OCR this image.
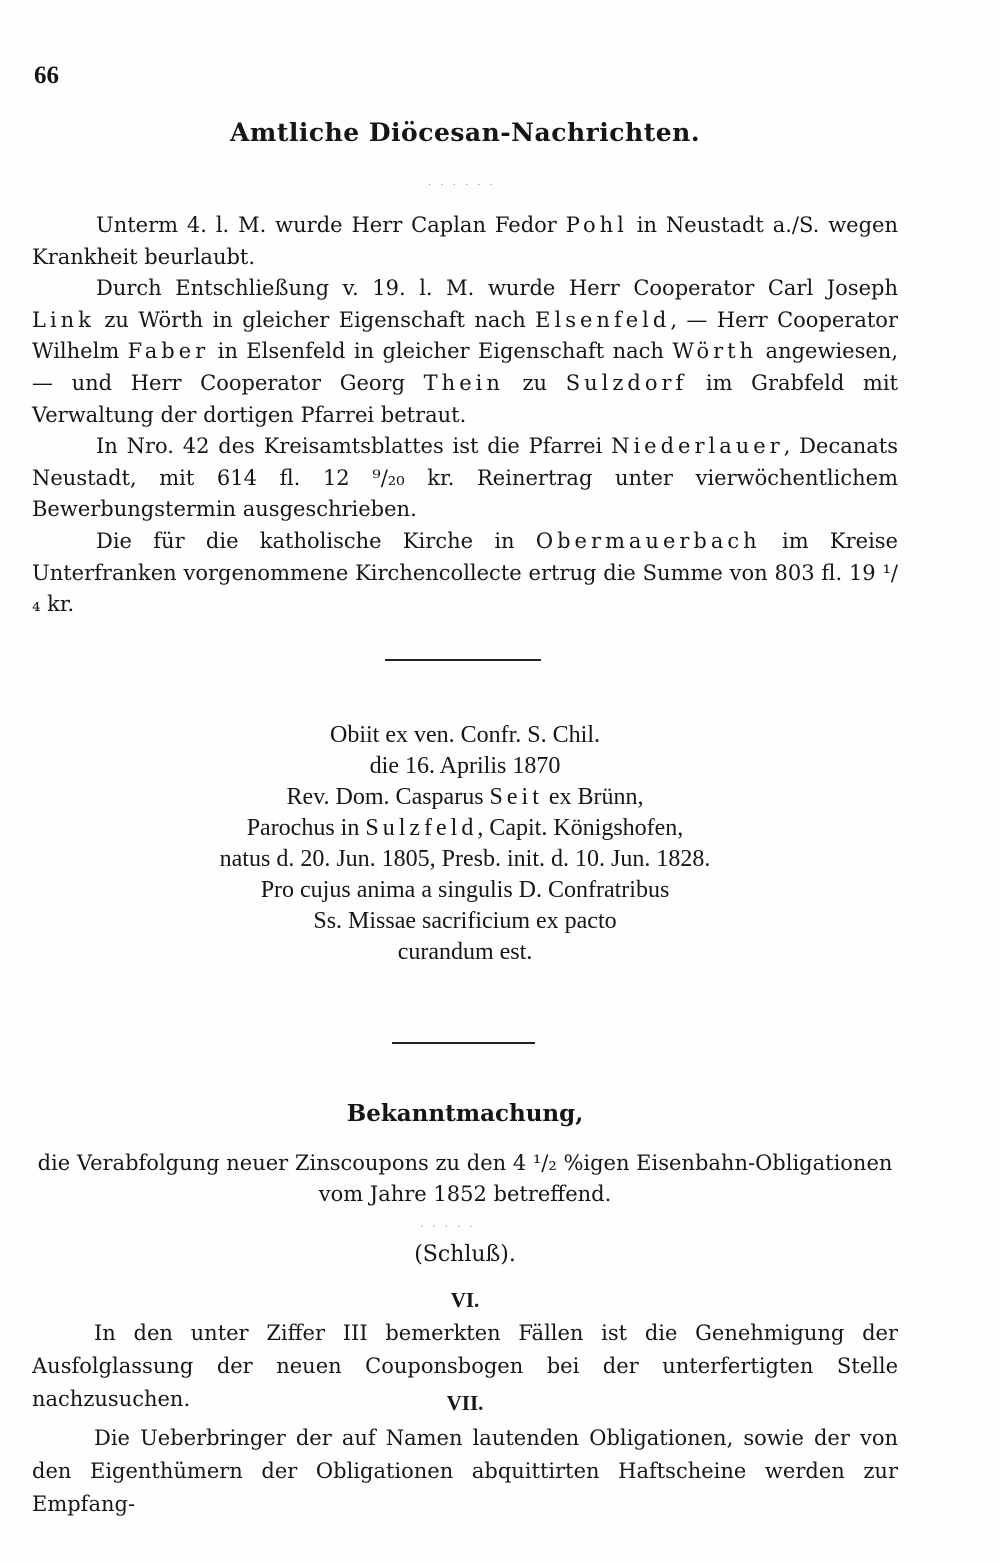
66
Amtliche Diöcesan-Nachrichten.
· · · · · ·

Unterm 4. l. M. wurde Herr Caplan Fedor Pohl in Neustadt a./S. wegen Krankheit beurlaubt.

Durch Entschließung v. 19. l. M. wurde Herr Cooperator Carl Joseph Link zu Wörth in gleicher Eigenschaft nach Elsenfeld, — Herr Cooperator Wilhelm Faber in Elsenfeld in gleicher Eigenschaft nach Wörth angewiesen, — und Herr Cooperator Georg Thein zu Sulzdorf im Grabfeld mit Verwaltung der dortigen Pfarrei betraut.

In Nro. 42 des Kreisamtsblattes ist die Pfarrei Niederlauer, Decanats Neustadt, mit 614 fl. 12 ⁹/₂₀ kr. Reinertrag unter vierwöchentlichem Bewerbungstermin ausgeschrieben.

Die für die katholische Kirche in Obermauerbach im Kreise Unterfranken vorgenommene Kirchencollecte ertrug die Summe von 803 fl. 19 ¹/₄ kr.

Obiit ex ven. Confr. S. Chil.
die 16. Aprilis 1870
Rev. Dom. Casparus Seit ex Brünn,
Parochus in Sulzfeld, Capit. Königshofen,
natus d. 20. Jun. 1805, Presb. init. d. 10. Jun. 1828.
Pro cujus anima a singulis D. Confratribus
Ss. Missae sacrificium ex pacto
curandum est.
Bekanntmachung,
die Verabfolgung neuer Zinscoupons zu den 4 ¹/₂ %igen Eisenbahn-Obligationen vom Jahre 1852 betreffend.
· · · · ·
(Schluß).
VI.

In den unter Ziffer III bemerkten Fällen ist die Genehmigung der Ausfolglassung der neuen Couponsbogen bei der unterfertigten Stelle nachzusuchen.	VII.

Die Ueberbringer der auf Namen lautenden Obligationen, sowie der von den Eigenthümern der Obligationen abquittirten Haftscheine werden zur Empfang-
